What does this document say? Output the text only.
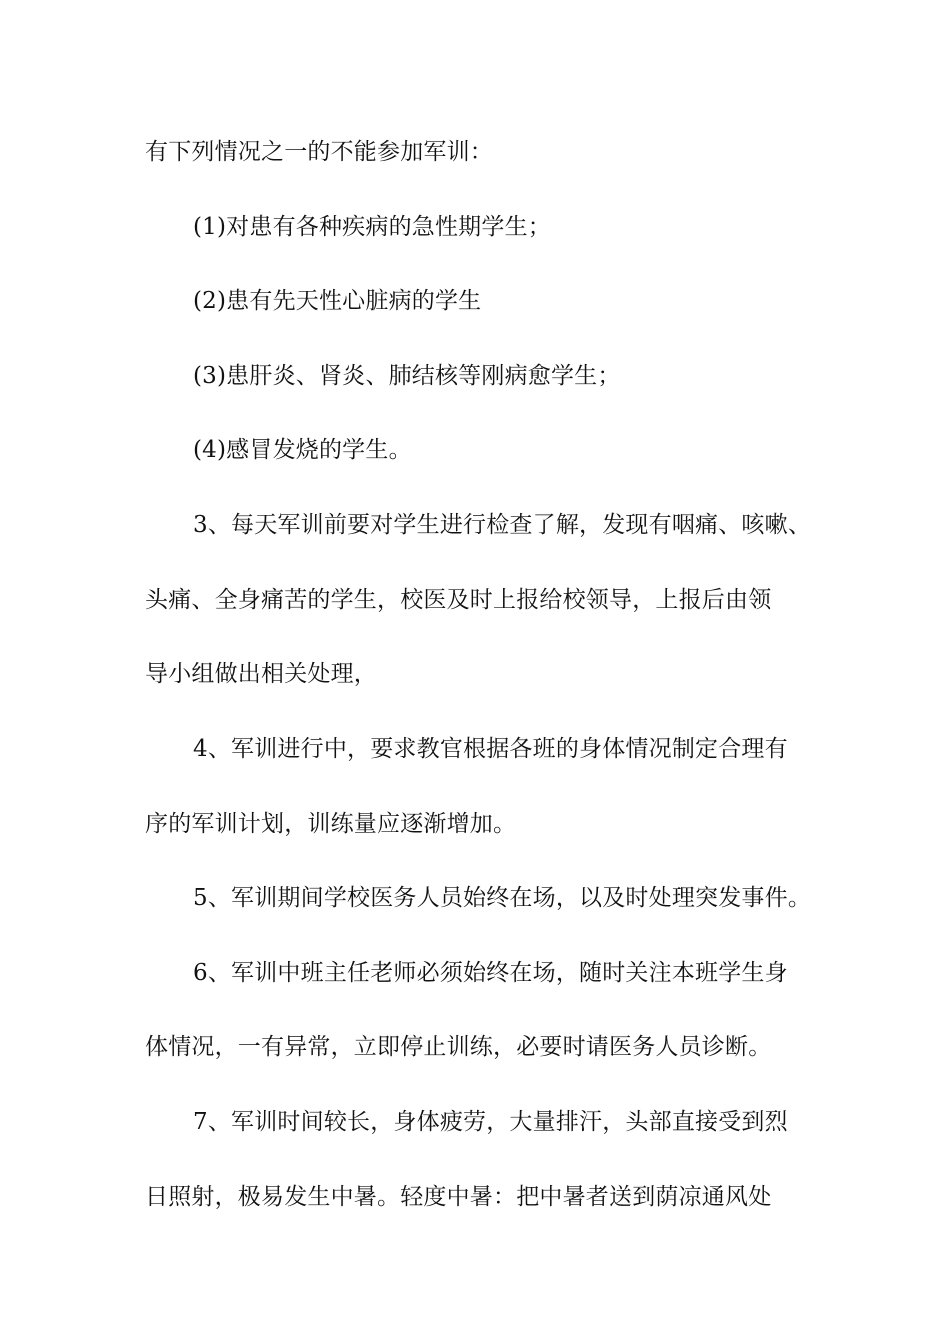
有下列情况之一的不能参加军训：
(1)对患有各种疾病的急性期学生；
(2)患有先天性心脏病的学生
(3)患肝炎、肾炎、肺结核等刚病愈学生；
(4)感冒发烧的学生。
3、每天军训前要对学生进行检查了解，发现有咽痛、咳嗽、
头痛、全身痛苦的学生，校医及时上报给校领导，上报后由领
导小组做出相关处理，
4、军训进行中，要求教官根据各班的身体情况制定合理有
序的军训计划，训练量应逐渐增加。
5、军训期间学校医务人员始终在场，以及时处理突发事件。
6、军训中班主任老师必须始终在场，随时关注本班学生身
体情况，一有异常，立即停止训练，必要时请医务人员诊断。
7、军训时间较长，身体疲劳，大量排汗，头部直接受到烈
日照射，极易发生中暑。轻度中暑：把中暑者送到荫凉通风处
